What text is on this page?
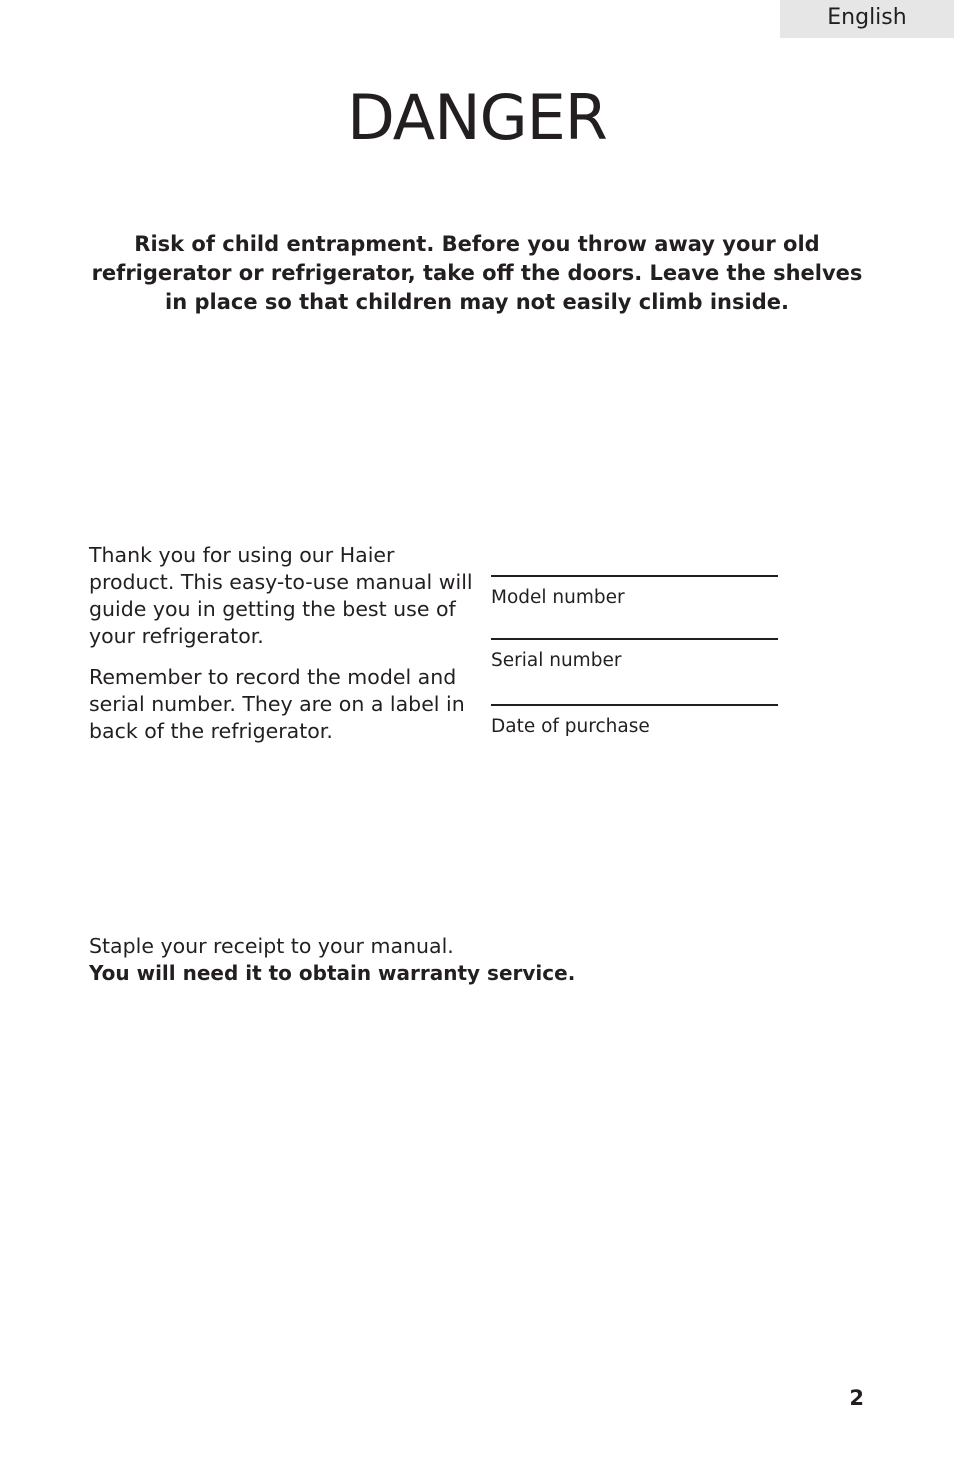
English
DANGER

Risk of child entrapment. Before you throw away your old refrigerator or refrigerator, take off the doors. Leave the shelves in place so that children may not easily climb inside.

Thank you for using our Haier product. This easy-to-use manual will guide you in getting the best use of your refrigerator.

Remember to record the model and serial number. They are on a label in back of the refrigerator.

Model number
Serial number
Date of purchase
Staple your receipt to your manual.
You will need it to obtain warranty service.
2
